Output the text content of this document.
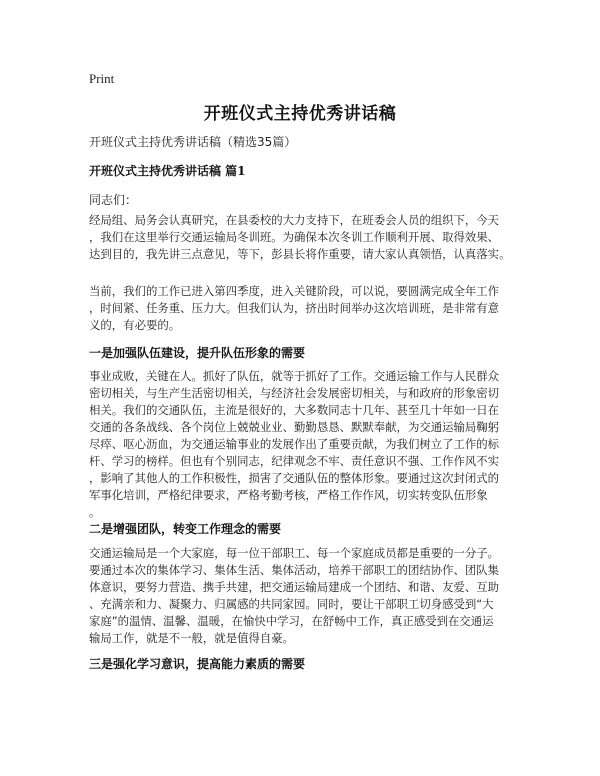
Print
开班仪式主持优秀讲话稿
开班仪式主持优秀讲话稿（精选35篇）
开班仪式主持优秀讲话稿 篇1
同志们：
经局组、局务会认真研究，在县委校的大力支持下，在班委会人员的组织下，今天
，我们在这里举行交通运输局冬训班。为确保本次冬训工作顺利开展、取得效果、
达到目的，我先讲三点意见，等下，彭县长将作重要，请大家认真领悟，认真落实。
当前，我们的工作已进入第四季度，进入关键阶段，可以说，要圆满完成全年工作
，时间紧、任务重、压力大。但我们认为，挤出时间举办这次培训班，是非常有意
义的，有必要的。
一是加强队伍建设，提升队伍形象的需要
事业成败，关键在人。抓好了队伍，就等于抓好了工作。交通运输工作与人民群众
密切相关，与生产生活密切相关，与经济社会发展密切相关，与和政府的形象密切
相关。我们的交通队伍，主流是很好的，大多数同志十几年、甚至几十年如一日在
交通的各条战线、各个岗位上兢兢业业、勤勤恳恳、默默奉献，为交通运输局鞠躬
尽瘁、呕心沥血，为交通运输事业的发展作出了重要贡献，为我们树立了工作的标
杆、学习的榜样。但也有个别同志，纪律观念不牢、责任意识不强、工作作风不实
，影响了其他人的工作积极性，损害了交通队伍的整体形象。要通过这次封闭式的
军事化培训，严格纪律要求，严格考勤考核，严格工作作风，切实转变队伍形象
。
二是增强团队，转变工作理念的需要
交通运输局是一个大家庭，每一位干部职工、每一个家庭成员都是重要的一分子。
要通过本次的集体学习、集体生活、集体活动，培养干部职工的团结协作、团队集
体意识，要努力营造、携手共建，把交通运输局建成一个团结、和谐、友爱、互助
、充满亲和力、凝聚力、归属感的共同家园。同时，要让干部职工切身感受到“大
家庭”的温情、温馨、温暖，在愉快中学习，在舒畅中工作，真正感受到在交通运
输局工作，就是不一般，就是值得自豪。
三是强化学习意识，提高能力素质的需要
